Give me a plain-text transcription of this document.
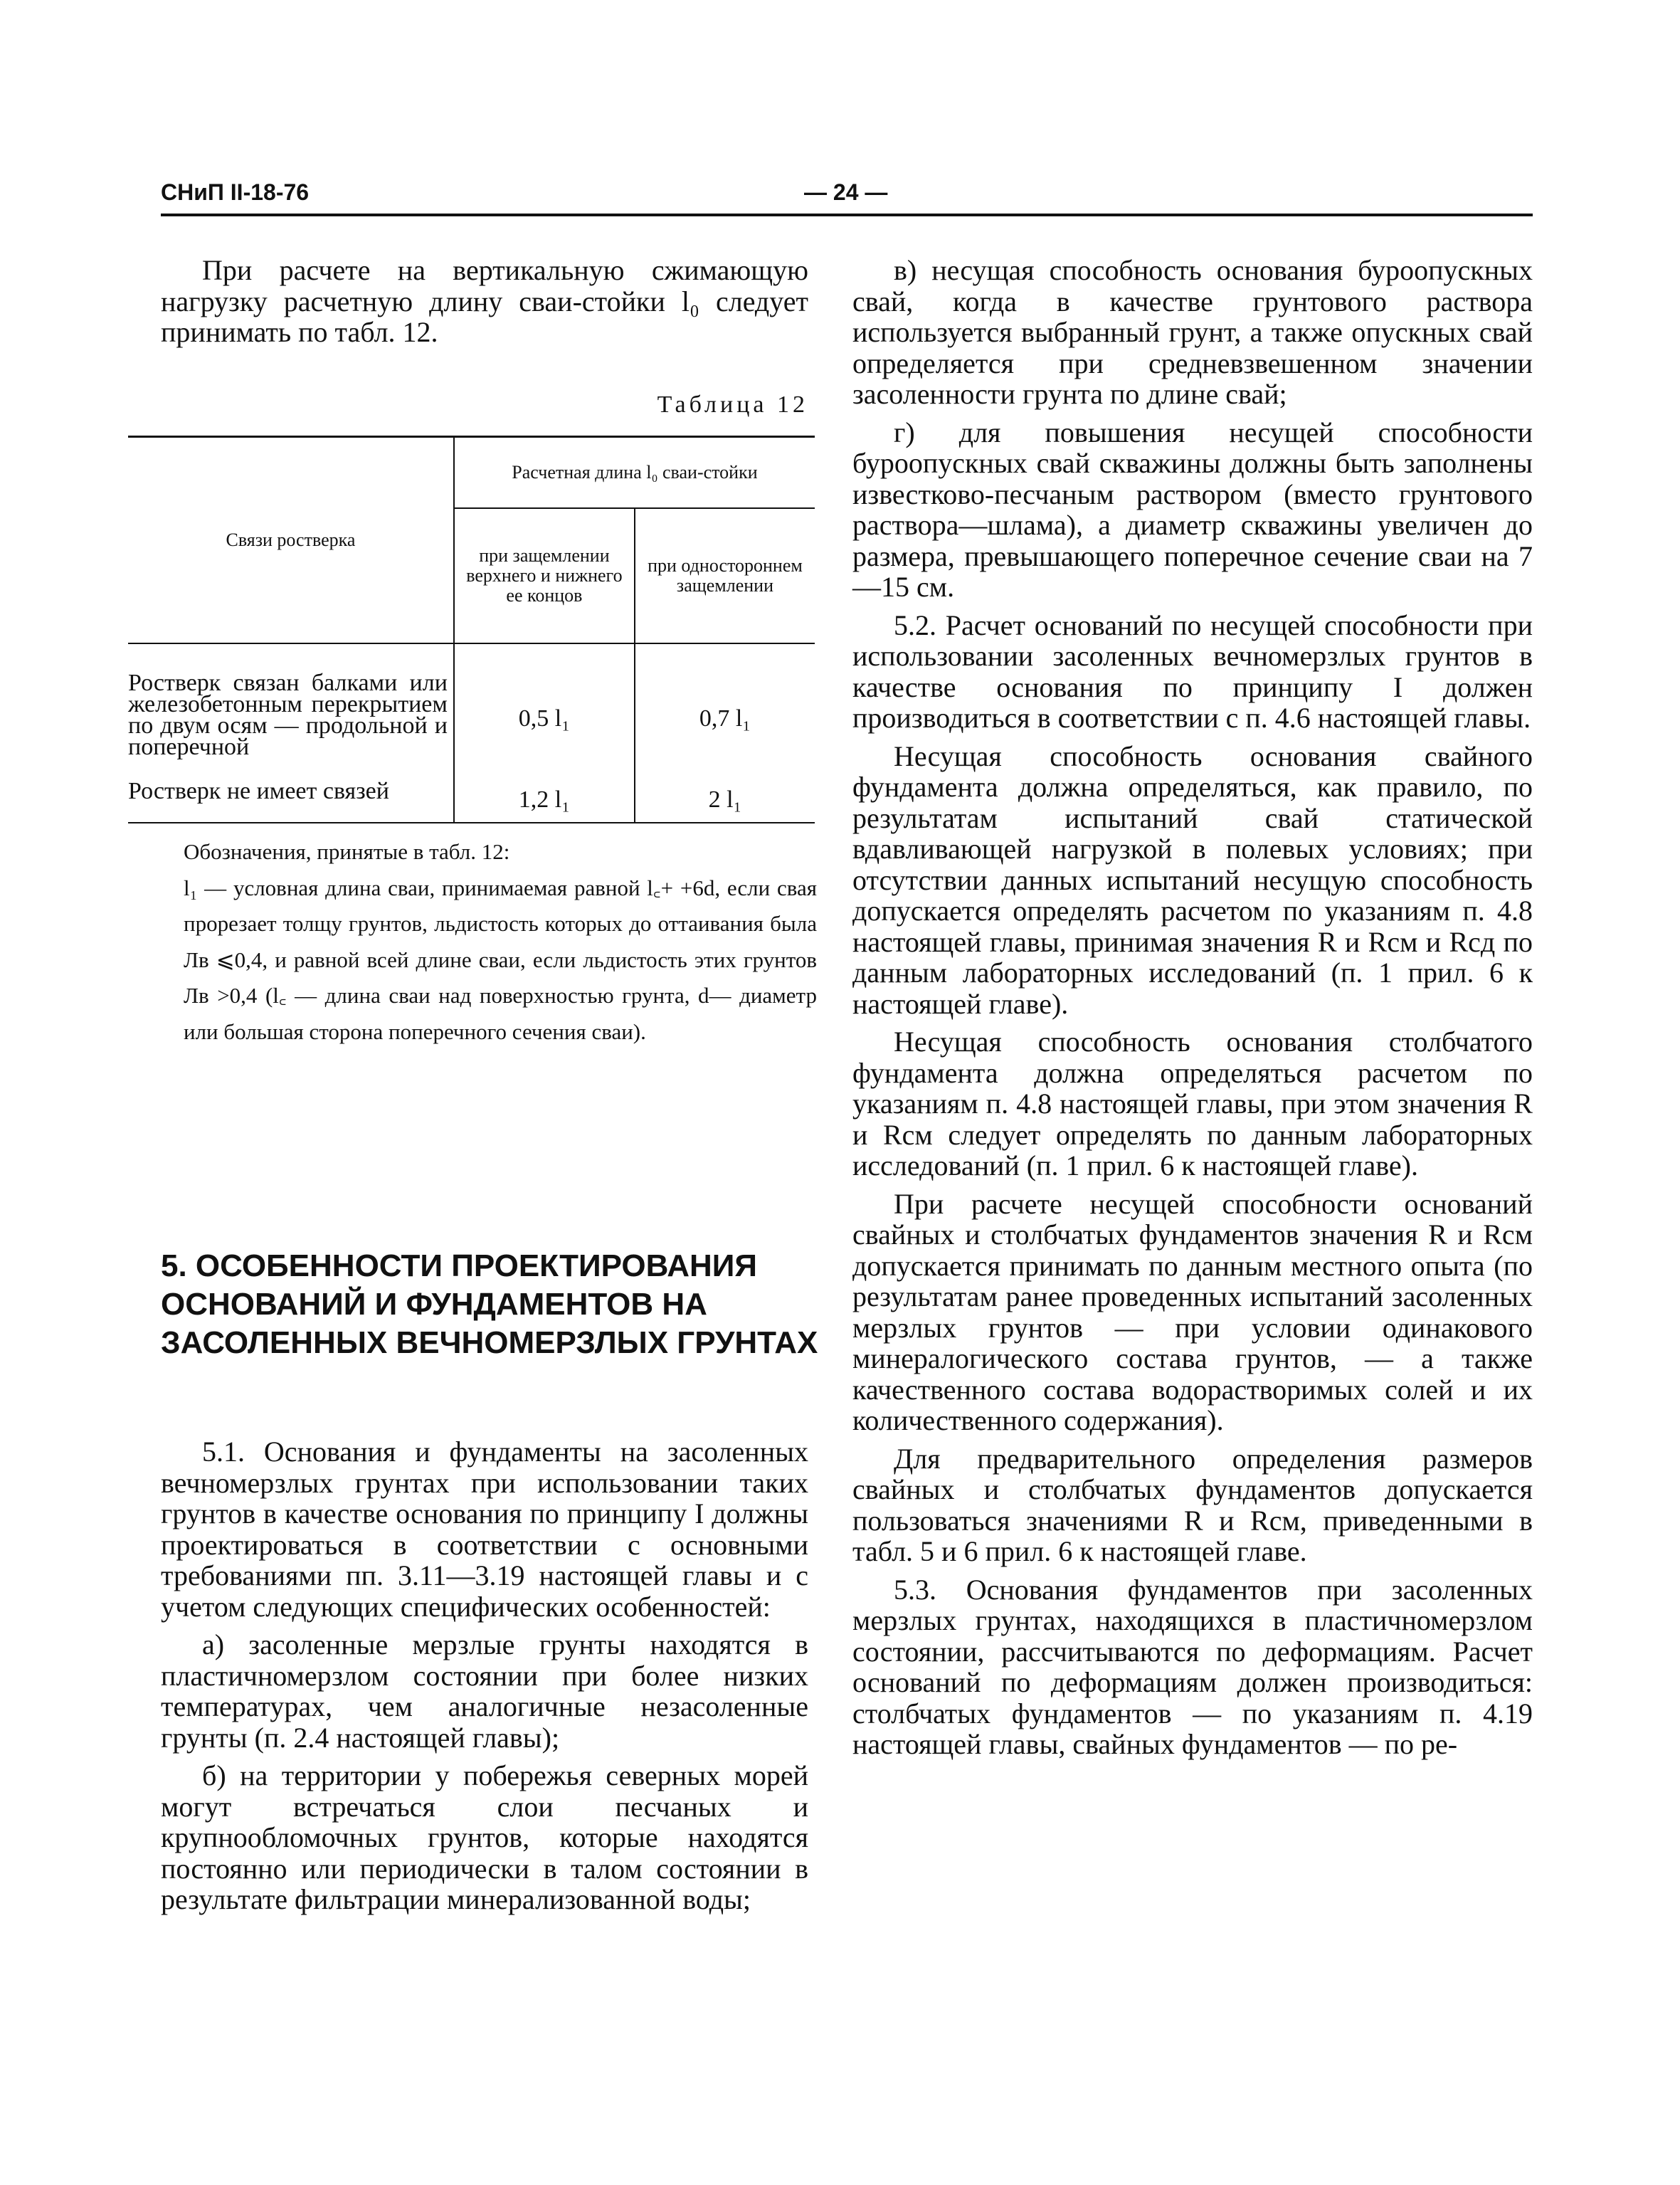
СНиП II-18-76	— 24 —

При расчете на вертикальную сжимающую нагрузку расчетную длину сваи-стойки l₀ следует принимать по табл. 12.

Таблица 12
Связи ростверка	Расчетная длина l₀ сваи-стойки	
	при защемлении верхнего и нижнего ее концов	при одностороннем защемлении
Ростверк связан балками или железобетонным перекрытием по двум осям — продольной и поперечной	0,5 l₁	0,7 l₁
Ростверк не имеет связей	1,2 l₁	2 l₁

Обозначения, принятые в табл. 12:

l₁ — условная длина сваи, принимаемая равной l꜀+ +6d, если свая прорезает толщу грунтов, льдистость которых до оттаивания была Лв ⩽0,4, и равной всей длине сваи, если льдистость этих грунтов Лв >0,4 (l꜀ — длина сваи над поверхностью грунта, d— диаметр или большая сторона поперечного сечения сваи).

5. ОСОБЕННОСТИ ПРОЕКТИРОВАНИЯ ОСНОВАНИЙ И ФУНДАМЕНТОВ НА ЗАСОЛЕННЫХ ВЕЧНОМЕРЗЛЫХ ГРУНТАХ

5.1. Основания и фундаменты на засоленных вечномерзлых грунтах при использовании таких грунтов в качестве основания по принципу I должны проектироваться в соответствии с основными требованиями пп. 3.11—3.19 настоящей главы и с учетом следующих специфических особенностей:

а) засоленные мерзлые грунты находятся в пластичномерзлом состоянии при более низких температурах, чем аналогичные незасоленные грунты (п. 2.4 настоящей главы);

б) на территории у побережья северных морей могут встречаться слои песчаных и крупнообломочных грунтов, которые находятся постоянно или периодически в талом состоянии в результате фильтрации минерализованной воды;

в) несущая способность основания буроопускных свай, когда в качестве грунтового раствора используется выбранный грунт, а также опускных свай определяется при средневзвешенном значении засоленности грунта по длине свай;

г) для повышения несущей способности буроопускных свай скважины должны быть заполнены известково-песчаным раствором (вместо грунтового раствора—шлама), а диаметр скважины увеличен до размера, превышающего поперечное сечение сваи на 7—15 см.

5.2. Расчет оснований по несущей способности при использовании засоленных вечномерзлых грунтов в качестве основания по принципу I должен производиться в соответствии с п. 4.6 настоящей главы.

Несущая способность основания свайного фундамента должна определяться, как правило, по результатам испытаний свай статической вдавливающей нагрузкой в полевых условиях; при отсутствии данных испытаний несущую способность допускается определять расчетом по указаниям п. 4.8 настоящей главы, принимая значения R и Rсм и Rсд по данным лабораторных исследований (п. 1 прил. 6 к настоящей главе).

Несущая способность основания столбчатого фундамента должна определяться расчетом по указаниям п. 4.8 настоящей главы, при этом значения R и Rсм следует определять по данным лабораторных исследований (п. 1 прил. 6 к настоящей главе).

При расчете несущей способности оснований свайных и столбчатых фундаментов значения R и Rсм допускается принимать по данным местного опыта (по результатам ранее проведенных испытаний засоленных мерзлых грунтов — при условии одинакового минералогического состава грунтов, — а также качественного состава водорастворимых солей и их количественного содержания).

Для предварительного определения размеров свайных и столбчатых фундаментов допускается пользоваться значениями R и Rсм, приведенными в табл. 5 и 6 прил. 6 к настоящей главе.

5.3. Основания фундаментов при засоленных мерзлых грунтах, находящихся в пластичномерзлом состоянии, рассчитываются по деформациям. Расчет оснований по деформациям должен производиться: столбчатых фундаментов — по указаниям п. 4.19 настоящей главы, свайных фундаментов — по ре-
